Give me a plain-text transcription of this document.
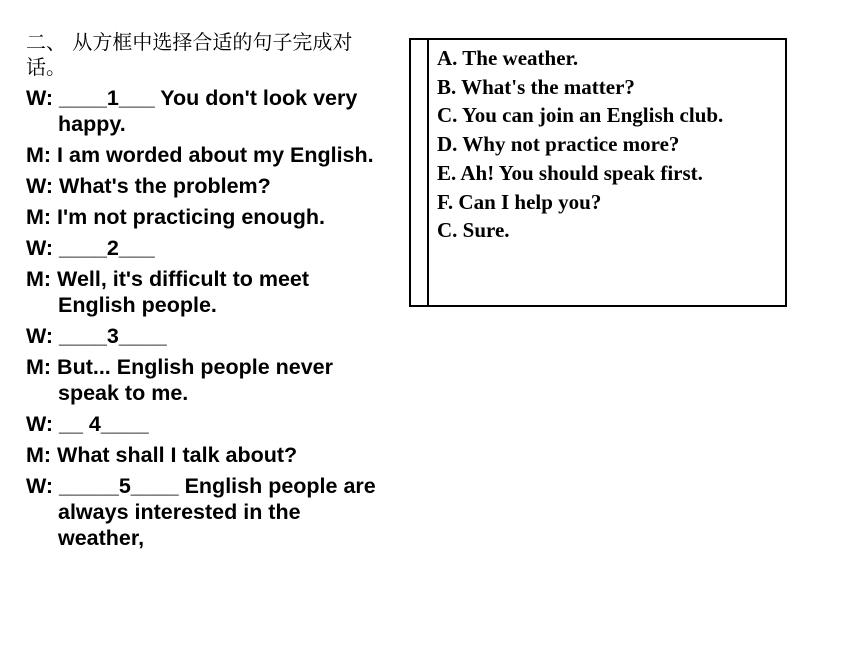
二、 从方框中选择合适的句子完成对话。
W: ____1___ You don't look very happy.
M: I am worded about my English.
W: What's the problem?
M: I'm not practicing enough.
W: ____2___
M: Well, it's difficult to meet English people.
W: ____3____
M: But... English people never speak to me.
W: __ 4____
M: What shall I talk about?
W: _____5____ English people are always interested in the weather,
A. The weather.
B. What's the matter?
C. You can join an English club.
D. Why not practice more?
E. Ah! You should speak first.
F. Can I help you?
C. Sure.
